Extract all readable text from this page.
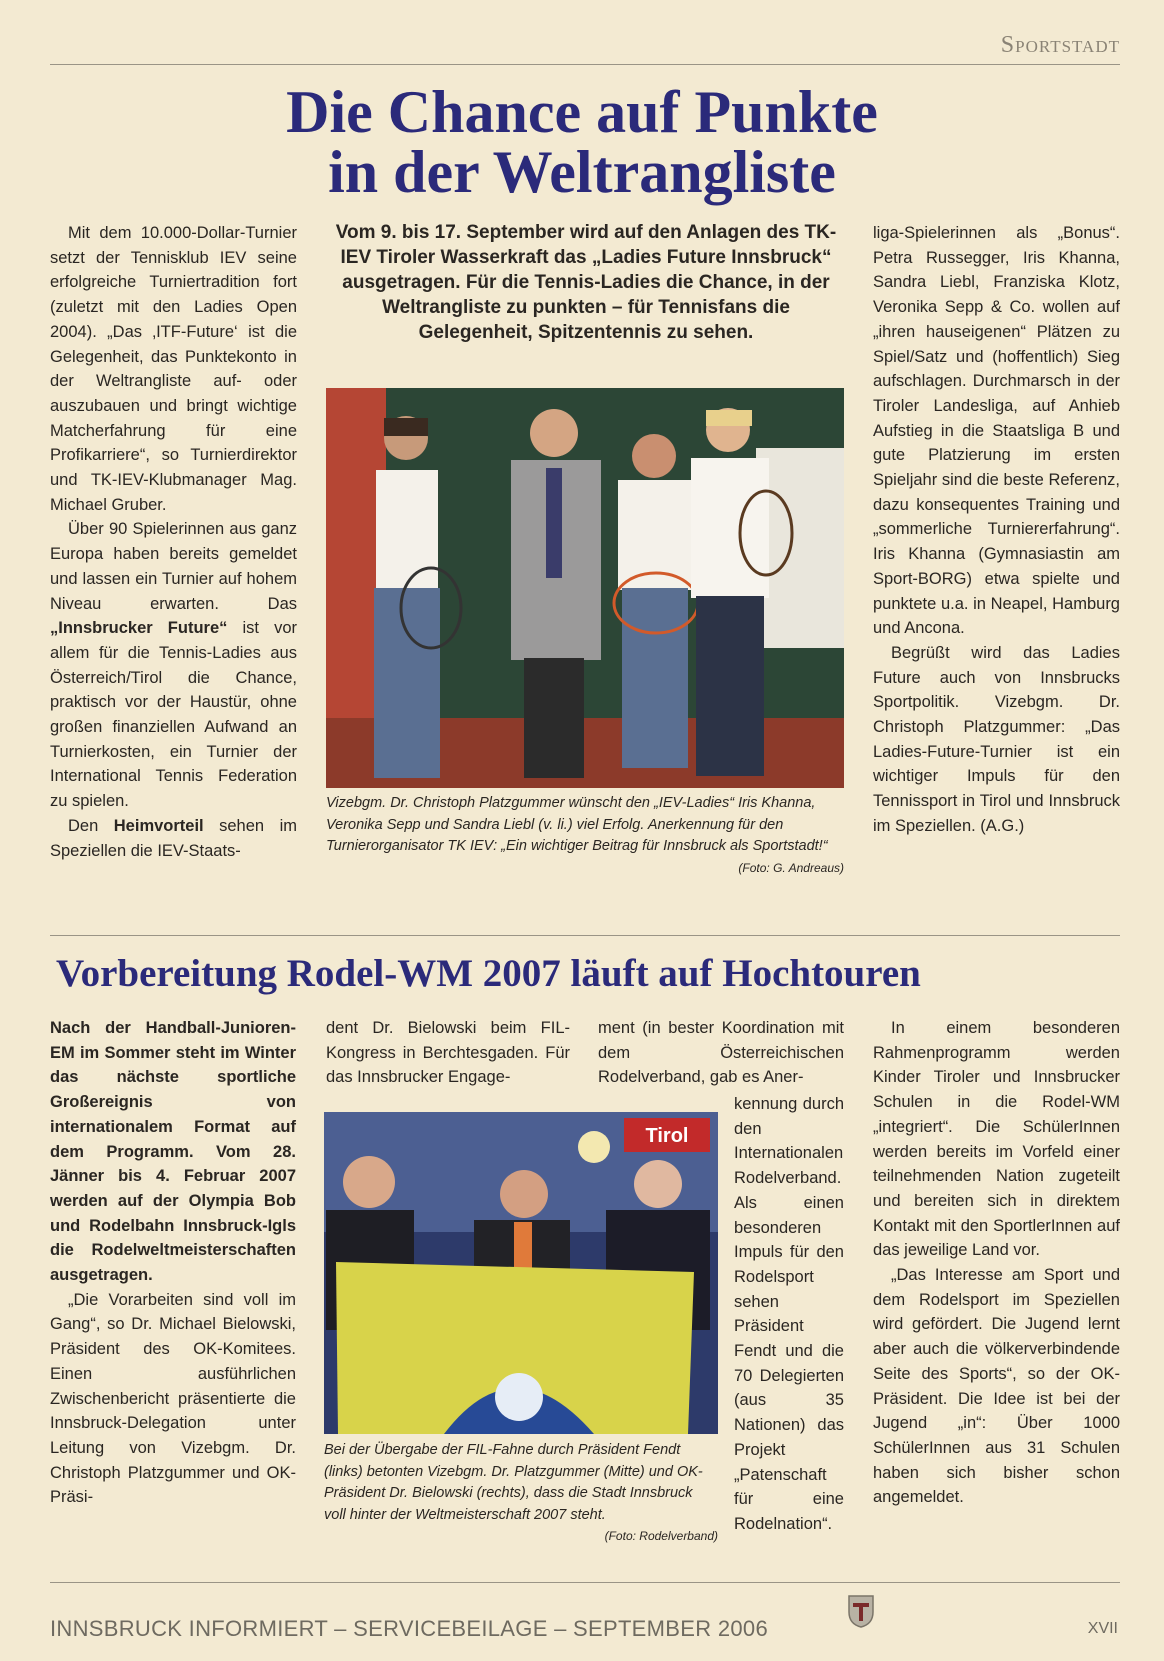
Sportstadt
Die Chance auf Punkte
in der Weltrangliste

Mit dem 10.000-Dollar-Turnier setzt der Tennisklub IEV seine erfolgreiche Turniertradition fort (zuletzt mit den Ladies Open 2004). „Das ‚ITF-Future‘ ist die Gelegenheit, das Punktekonto in der Weltrangliste auf- oder auszubauen und bringt wichtige Matcherfahrung für eine Profikarriere“, so Turnierdirektor und TK-IEV-Klubmanager Mag. Michael Gruber.

Über 90 Spielerinnen aus ganz Europa haben bereits gemeldet und lassen ein Turnier auf hohem Niveau erwarten. Das „Innsbrucker Future“ ist vor allem für die Tennis-Ladies aus Österreich/Tirol die Chance, praktisch vor der Haustür, ohne großen finanziellen Aufwand an Turnierkosten, ein Turnier der International Tennis Federation zu spielen.

Den Heimvorteil sehen im Speziellen die IEV-Staats-

Vom 9. bis 17. September wird auf den Anlagen des TK-IEV Tiroler Wasserkraft das „Ladies Future Innsbruck“ ausgetragen. Für die Tennis-Ladies die Chance, in der Weltrangliste zu punkten – für Tennisfans die Gelegenheit, Spitzentennis zu sehen.
Vizebgm. Dr. Christoph Platzgummer wünscht den „IEV-Ladies“ Iris Khanna, Veronika Sepp und Sandra Liebl (v. li.) viel Erfolg. Anerkennung für den Turnierorganisator TK IEV: „Ein wichtiger Beitrag für Innsbruck als Sportstadt!“
(Foto: G. Andreaus)

liga-Spielerinnen als „Bonus“. Petra Russegger, Iris Khanna, Sandra Liebl, Franziska Klotz, Veronika Sepp & Co. wollen auf „ihren hauseigenen“ Plätzen zu Spiel/Satz und (hoffentlich) Sieg aufschlagen. Durchmarsch in der Tiroler Landesliga, auf Anhieb Aufstieg in die Staatsliga B und gute Platzierung im ersten Spieljahr sind die beste Referenz, dazu konsequentes Training und „sommerliche Turniererfahrung“. Iris Khanna (Gymnasiastin am Sport-BORG) etwa spielte und punktete u.a. in Neapel, Hamburg und Ancona.

Begrüßt wird das Ladies Future auch von Innsbrucks Sportpolitik. Vizebgm. Dr. Christoph Platzgummer: „Das Ladies-Future-Turnier ist ein wichtiger Impuls für den Tennissport in Tirol und Innsbruck im Speziellen. (A.G.)

Vorbereitung Rodel-WM 2007 läuft auf Hochtouren

Nach der Handball-Junioren-EM im Sommer steht im Winter das nächste sportliche Großereignis von internationalem Format auf dem Programm. Vom 28. Jänner bis 4. Februar 2007 werden auf der Olympia Bob und Rodelbahn Innsbruck-Igls die Rodelweltmeisterschaften ausgetragen.

„Die Vorarbeiten sind voll im Gang“, so Dr. Michael Bielowski, Präsident des OK-Komitees. Einen ausführlichen Zwischenbericht präsentierte die Innsbruck-Delegation unter Leitung von Vizebgm. Dr. Christoph Platzgummer und OK-Präsi-

dent Dr. Bielowski beim FIL-Kongress in Berchtesgaden. Für das Innsbrucker Engage-

ment (in bester Koordination mit dem Österreichischen Rodelverband, gab es Aner-

Tirol
Bei der Übergabe der FIL-Fahne durch Präsident Fendt (links) betonten Vizebgm. Dr. Platzgummer (Mitte) und OK-Präsident Dr. Bielowski (rechts), dass die Stadt Innsbruck voll hinter der Weltmeisterschaft 2007 steht.
(Foto: Rodelverband)

kennung durch den Internationalen Rodelverband. Als einen besonderen Impuls für den Rodelsport sehen Präsident Fendt und die 70 Delegierten (aus 35 Nationen) das Projekt „Patenschaft für eine Rodelnation“.

In einem besonderen Rahmenprogramm werden Kinder Tiroler und Innsbrucker Schulen in die Rodel-WM „integriert“. Die SchülerInnen werden bereits im Vorfeld einer teilnehmenden Nation zugeteilt und bereiten sich in direktem Kontakt mit den SportlerInnen auf das jeweilige Land vor.

„Das Interesse am Sport und dem Rodelsport im Speziellen wird gefördert. Die Jugend lernt aber auch die völkerverbindende Seite des Sports“, so der OK-Präsident. Die Idee ist bei der Jugend „in“: Über 1000 SchülerInnen aus 31 Schulen haben sich bisher schon angemeldet.

INNSBRUCK INFORMIERT – SERVICEBEILAGE – SEPTEMBER 2006	XVII
